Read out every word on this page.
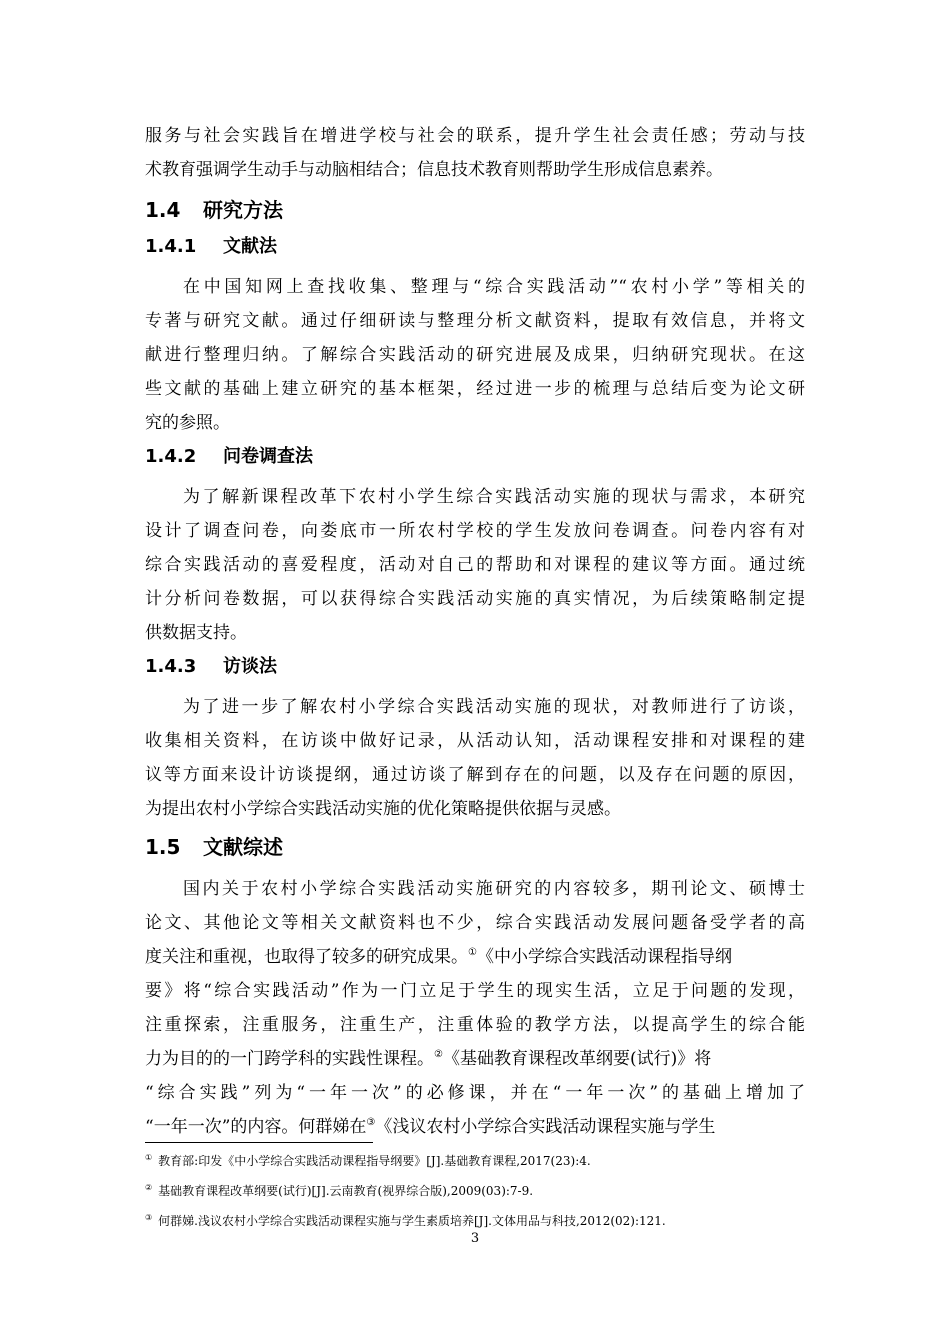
服务与社会实践旨在增进学校与社会的联系，提升学生社会责任感；劳动与技
术教育强调学生动手与动脑相结合；信息技术教育则帮助学生形成信息素养。
1.4 研究方法
1.4.1 文献法
在中国知网上查找收集、整理与“综合实践活动”“农村小学”等相关的
专著与研究文献。通过仔细研读与整理分析文献资料，提取有效信息，并将文
献进行整理归纳。了解综合实践活动的研究进展及成果，归纳研究现状。在这
些文献的基础上建立研究的基本框架，经过进一步的梳理与总结后变为论文研
究的参照。
1.4.2 问卷调查法
为了解新课程改革下农村小学生综合实践活动实施的现状与需求，本研究
设计了调查问卷，向娄底市一所农村学校的学生发放问卷调查。问卷内容有对
综合实践活动的喜爱程度，活动对自己的帮助和对课程的建议等方面。通过统
计分析问卷数据，可以获得综合实践活动实施的真实情况，为后续策略制定提
供数据支持。
1.4.3 访谈法
为了进一步了解农村小学综合实践活动实施的现状，对教师进行了访谈，
收集相关资料，在访谈中做好记录，从活动认知，活动课程安排和对课程的建
议等方面来设计访谈提纲，通过访谈了解到存在的问题，以及存在问题的原因，
为提出农村小学综合实践活动实施的优化策略提供依据与灵感。
1.5 文献综述
国内关于农村小学综合实践活动实施研究的内容较多，期刊论文、硕博士
论文、其他论文等相关文献资料也不少，综合实践活动发展问题备受学者的高
度关注和重视，也取得了较多的研究成果。①《中小学综合实践活动课程指导纲
要》将“综合实践活动”作为一门立足于学生的现实生活，立足于问题的发现，
注重探索，注重服务，注重生产，注重体验的教学方法，以提高学生的综合能
力为目的的一门跨学科的实践性课程。②《基础教育课程改革纲要(试行)》将
“综合实践”列为“一年一次”的必修课，并在“一年一次”的基础上增加了
“一年一次”的内容。何群娣在③《浅议农村小学综合实践活动课程实施与学生
① 教育部:印发《中小学综合实践活动课程指导纲要》[J].基础教育课程,2017(23):4.
② 基础教育课程改革纲要(试行)[J].云南教育(视界综合版),2009(03):7-9.
③ 何群娣.浅议农村小学综合实践活动课程实施与学生素质培养[J].文体用品与科技,2012(02):121.
3
